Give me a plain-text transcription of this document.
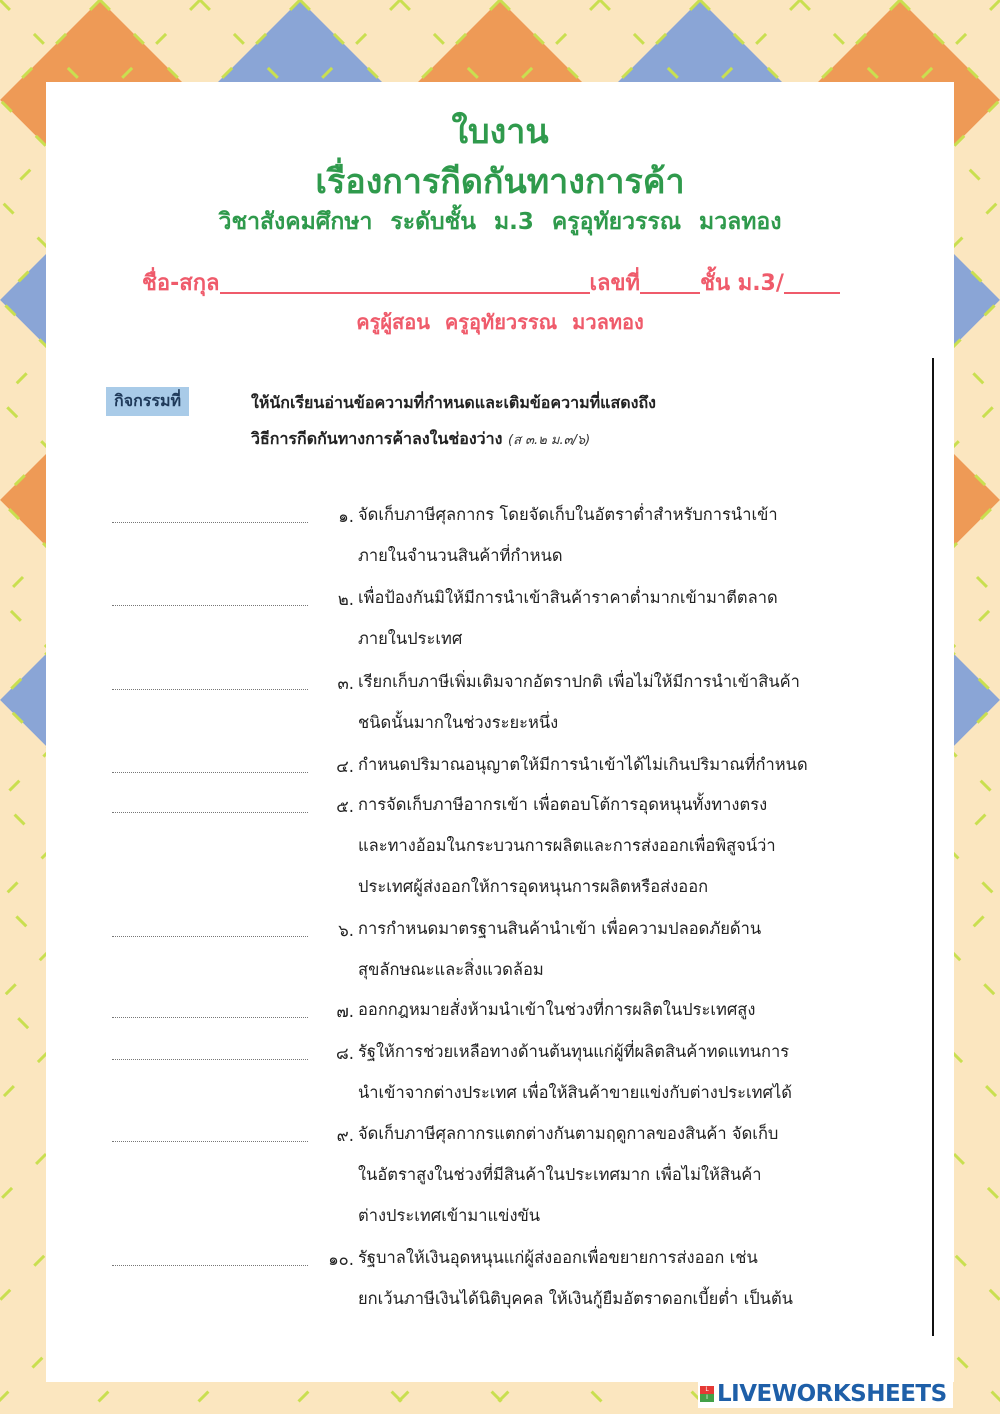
ใบงาน
เรื่องการกีดกันทางการค้า
วิชาสังคมศึกษา ระดับชั้น ม.3 ครูอุทัยวรรณ มวลทอง
ชื่อ-สกุล	เลขที่	ชั้น ม.3/
ครูผู้สอน ครูอุทัยวรรณ มวลทอง
กิจกรรมที่	ให้นักเรียนอ่านข้อความที่กำหนดและเติมข้อความที่แสดงถึง
วิธีการกีดกันทางการค้าลงในช่องว่าง (ส ๓.๒ ม.๓/๖)
๑. จัดเก็บภาษีศุลกากร โดยจัดเก็บในอัตราต่ำสำหรับการนำเข้า
ภายในจำนวนสินค้าที่กำหนด
๒. เพื่อป้องกันมิให้มีการนำเข้าสินค้าราคาต่ำมากเข้ามาตีตลาด
ภายในประเทศ
๓. เรียกเก็บภาษีเพิ่มเติมจากอัตราปกติ เพื่อไม่ให้มีการนำเข้าสินค้า
ชนิดนั้นมากในช่วงระยะหนึ่ง
๔. กำหนดปริมาณอนุญาตให้มีการนำเข้าได้ไม่เกินปริมาณที่กำหนด
๕. การจัดเก็บภาษีอากรเข้า เพื่อตอบโต้การอุดหนุนทั้งทางตรง
และทางอ้อมในกระบวนการผลิตและการส่งออกเพื่อพิสูจน์ว่า
ประเทศผู้ส่งออกให้การอุดหนุนการผลิตหรือส่งออก
๖. การกำหนดมาตรฐานสินค้านำเข้า เพื่อความปลอดภัยด้าน
สุขลักษณะและสิ่งแวดล้อม
๗. ออกกฎหมายสั่งห้ามนำเข้าในช่วงที่การผลิตในประเทศสูง
๘. รัฐให้การช่วยเหลือทางด้านต้นทุนแก่ผู้ที่ผลิตสินค้าทดแทนการ
นำเข้าจากต่างประเทศ เพื่อให้สินค้าขายแข่งกับต่างประเทศได้
๙. จัดเก็บภาษีศุลกากรแตกต่างกันตามฤดูกาลของสินค้า จัดเก็บ
ในอัตราสูงในช่วงที่มีสินค้าในประเทศมาก เพื่อไม่ให้สินค้า
ต่างประเทศเข้ามาแข่งขัน
๑๐. รัฐบาลให้เงินอุดหนุนแก่ผู้ส่งออกเพื่อขยายการส่งออก เช่น
ยกเว้นภาษีเงินได้นิติบุคคล ให้เงินกู้ยืมอัตราดอกเบี้ยต่ำ เป็นต้น
L
I LIVEWORKSHEETS
